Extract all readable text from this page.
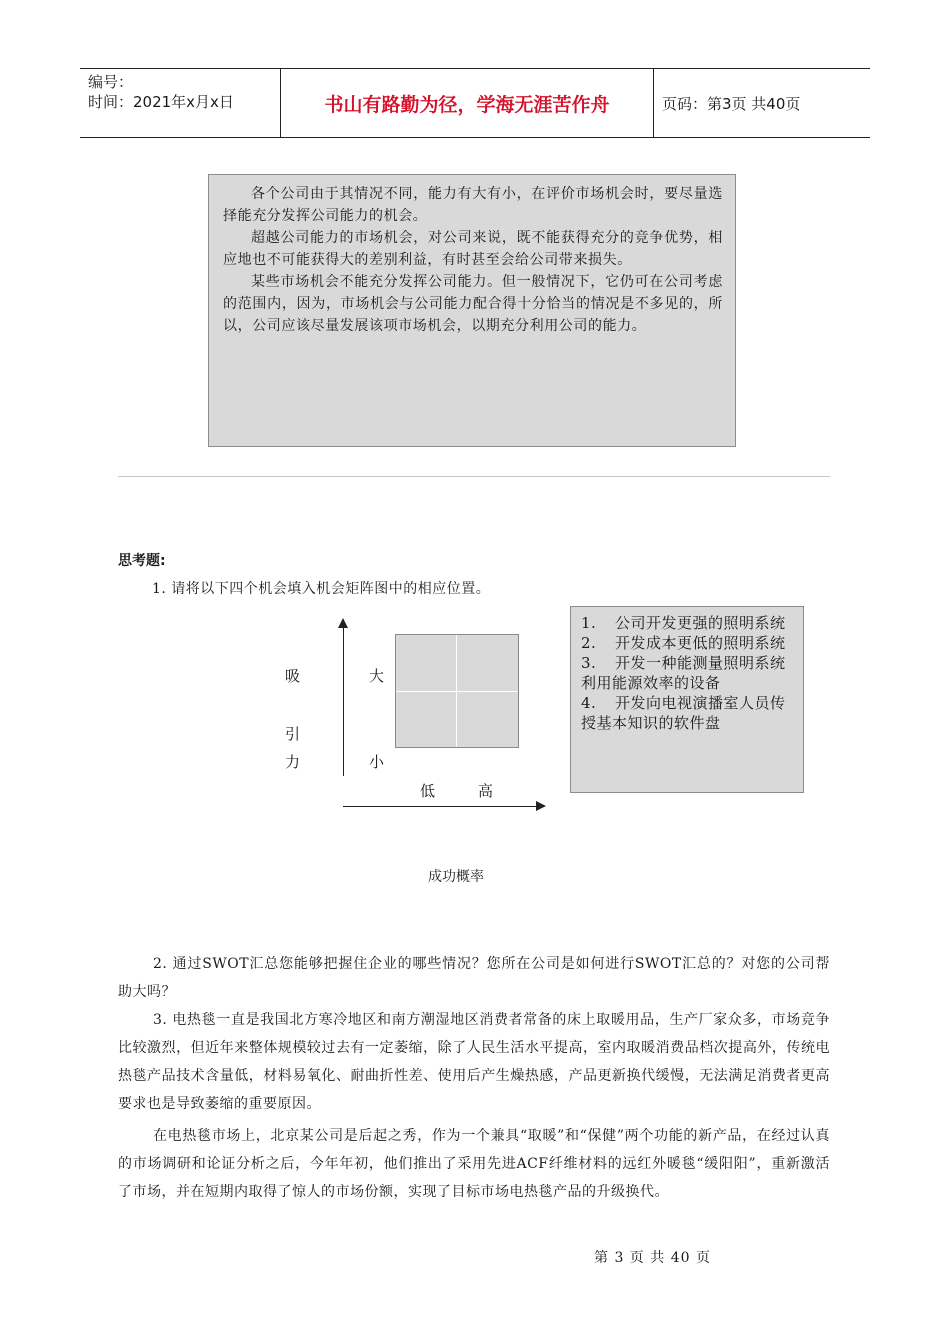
编号：
时间：2021年x月x日	书山有路勤为径，学海无涯苦作舟	页码：第3页 共40页

各个公司由于其情况不同，能力有大有小，在评价市场机会时，要尽量选择能充分发挥公司能力的机会。

超越公司能力的市场机会，对公司来说，既不能获得充分的竞争优势，相应地也不可能获得大的差别利益，有时甚至会给公司带来损失。

某些市场机会不能充分发挥公司能力。但一般情况下，它仍可在公司考虑的范围内，因为，市场机会与公司能力配合得十分恰当的情况是不多见的，所以，公司应该尽量发展该项市场机会，以期充分利用公司的能力。

思考题:
1. 请将以下四个机会填入机会矩阵图中的相应位置。
吸
引
力
大
小
低	高
1. 公司开发更强的照明系统
2. 开发成本更低的照明系统
3. 开发一种能测量照明系统利用能源效率的设备
4. 开发向电视演播室人员传授基本知识的软件盘
成功概率

2. 通过SWOT汇总您能够把握住企业的哪些情况？您所在公司是如何进行SWOT汇总的？对您的公司帮助大吗？

3. 电热毯一直是我国北方寒冷地区和南方潮湿地区消费者常备的床上取暖用品，生产厂家众多，市场竞争比较激烈，但近年来整体规模较过去有一定萎缩，除了人民生活水平提高，室内取暖消费品档次提高外，传统电热毯产品技术含量低，材料易氧化、耐曲折性差、使用后产生燥热感，产品更新换代缓慢，无法满足消费者更高要求也是导致萎缩的重要原因。

在电热毯市场上，北京某公司是后起之秀，作为一个兼具“取暖”和“保健”两个功能的新产品，在经过认真的市场调研和论证分析之后，今年年初，他们推出了采用先进ACF纤维材料的远红外暖毯“缓阳阳”，重新激活了市场，并在短期内取得了惊人的市场份额，实现了目标市场电热毯产品的升级换代。

第 3 页 共 40 页
